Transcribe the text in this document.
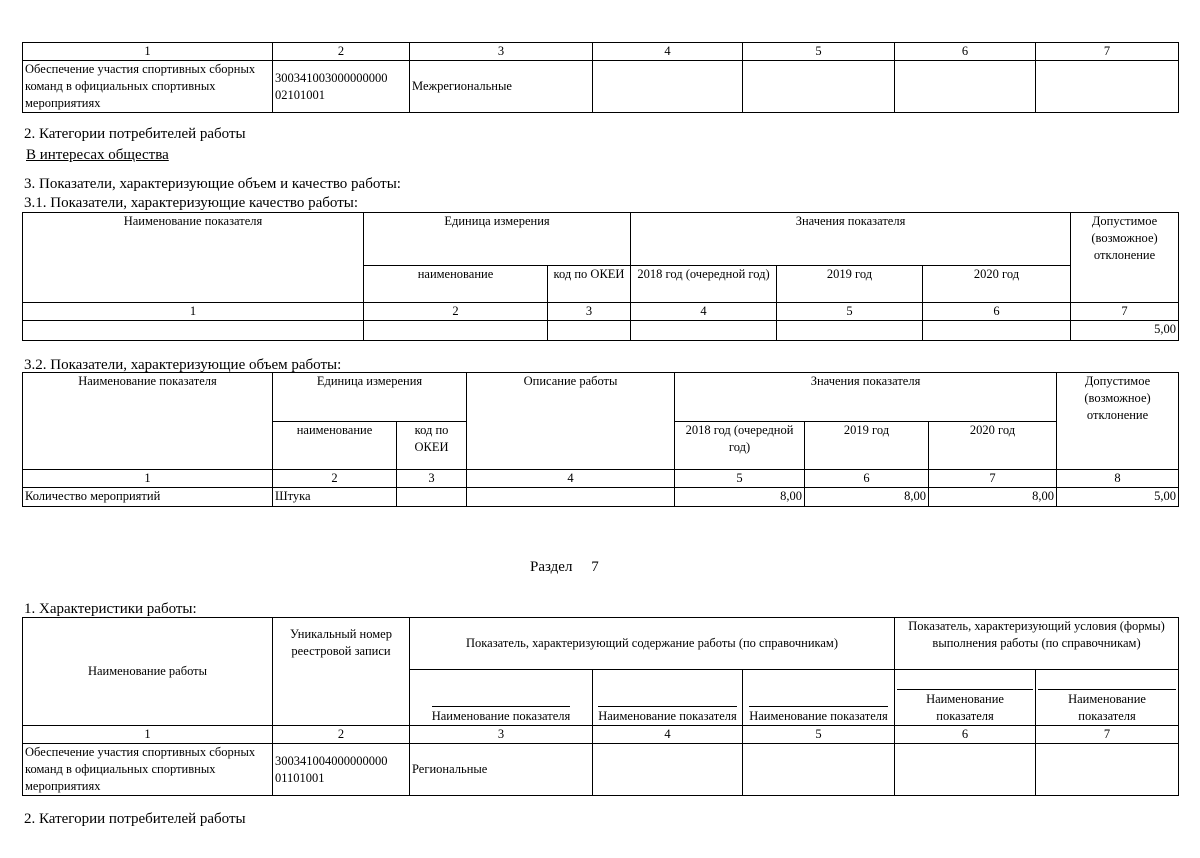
1	2	3	4	5	6	7
Обеспечение участия спортивных сборных команд в официальных спортивных мероприятиях	300341003000000000 02101001	Межрегиональные				
2. Категории потребителей работы
В интересах общества
3. Показатели, характеризующие объем и качество работы:
3.1. Показатели, характеризующие качество работы:
Наименование показателя	Единица измерения		Значения показателя			Допустимое (возможное) отклонение
	наименование	код по ОКЕИ	2018 год (очередной год)	2019 год	2020 год	
1	2	3	4	5	6	7
						5,00
3.2. Показатели, характеризующие объем работы:
Наименование показателя	Единица измерения		Описание работы	Значения показателя			Допустимое (возможное) отклонение
	наименование	код по ОКЕИ		2018 год (очередной год)	2019 год	2020 год	
1	2	3	4	5	6	7	8
Количество мероприятий	Штука			8,00	8,00	8,00	5,00
Раздел 7
1. Характеристики работы:
Наименование работы	Уникальный номер реестровой записи	Показатель, характеризующий содержание работы (по справочникам)			Показатель, характеризующий условия (формы) выполнения работы (по справочникам)	
		Наименование показателя	Наименование показателя	Наименование показателя	Наименование показателя	Наименование показателя
1	2	3	4	5	6	7
Обеспечение участия спортивных сборных команд в официальных спортивных мероприятиях	300341004000000000 01101001	Региональные				
2. Категории потребителей работы
